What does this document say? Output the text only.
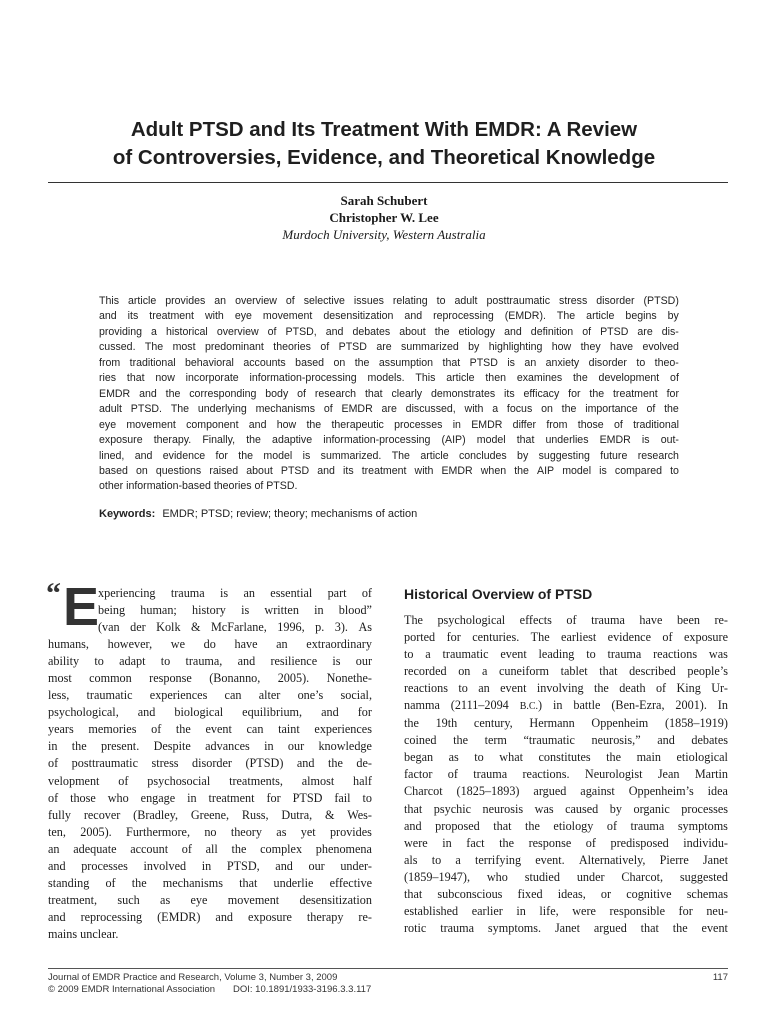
Adult PTSD and Its Treatment With EMDR: A Review
of Controversies, Evidence, and Theoretical Knowledge
Sarah Schubert
Christopher W. Lee
Murdoch University, Western Australia
This article provides an overview of selective issues relating to adult posttraumatic stress disorder (PTSD)
and its treatment with eye movement desensitization and reprocessing (EMDR). The article begins by
providing a historical overview of PTSD, and debates about the etiology and definition of PTSD are dis-
cussed. The most predominant theories of PTSD are summarized by highlighting how they have evolved
from traditional behavioral accounts based on the assumption that PTSD is an anxiety disorder to theo-
ries that now incorporate information-processing models. This article then examines the development of
EMDR and the corresponding body of research that clearly demonstrates its efficacy for the treatment for
adult PTSD. The underlying mechanisms of EMDR are discussed, with a focus on the importance of the
eye movement component and how the therapeutic processes in EMDR differ from those of traditional
exposure therapy. Finally, the adaptive information-processing (AIP) model that underlies EMDR is out-
lined, and evidence for the model is summarized. The article concludes by suggesting future research
based on questions raised about PTSD and its treatment with EMDR when the AIP model is compared to
other information-based theories of PTSD.
Keywords: EMDR; PTSD; review; theory; mechanisms of action
“ E
xperiencing trauma is an essential part of
being human; history is written in blood”
(van der Kolk & McFarlane, 1996, p. 3). As
humans, however, we do have an extraordinary
ability to adapt to trauma, and resilience is our
most common response (Bonanno, 2005). Nonethe-
less, traumatic experiences can alter one’s social,
psychological, and biological equilibrium, and for
years memories of the event can taint experiences
in the present. Despite advances in our knowledge
of posttraumatic stress disorder (PTSD) and the de-
velopment of psychosocial treatments, almost half
of those who engage in treatment for PTSD fail to
fully recover (Bradley, Greene, Russ, Dutra, & Wes-
ten, 2005). Furthermore, no theory as yet provides
an adequate account of all the complex phenomena
and processes involved in PTSD, and our under-
standing of the mechanisms that underlie effective
treatment, such as eye movement desensitization
and reprocessing (EMDR) and exposure therapy re-
mains unclear.
Historical Overview of PTSD
The psychological effects of trauma have been re-
ported for centuries. The earliest evidence of exposure
to a traumatic event leading to trauma reactions was
recorded on a cuneiform tablet that described people’s
reactions to an event involving the death of King Ur-
namma (2111–2094 B.C.) in battle (Ben-Ezra, 2001). In
the 19th century, Hermann Oppenheim (1858–1919)
coined the term “traumatic neurosis,” and debates
began as to what constitutes the main etiological
factor of trauma reactions. Neurologist Jean Martin
Charcot (1825–1893) argued against Oppenheim’s idea
that psychic neurosis was caused by organic processes
and proposed that the etiology of trauma symptoms
were in fact the response of predisposed individu-
als to a terrifying event. Alternatively, Pierre Janet
(1859–1947), who studied under Charcot, suggested
that subconscious fixed ideas, or cognitive schemas
established earlier in life, were responsible for neu-
rotic trauma symptoms. Janet argued that the event
Journal of EMDR Practice and Research, Volume 3, Number 3, 2009	117
© 2009 EMDR International Association DOI: 10.1891/1933-3196.3.3.117
